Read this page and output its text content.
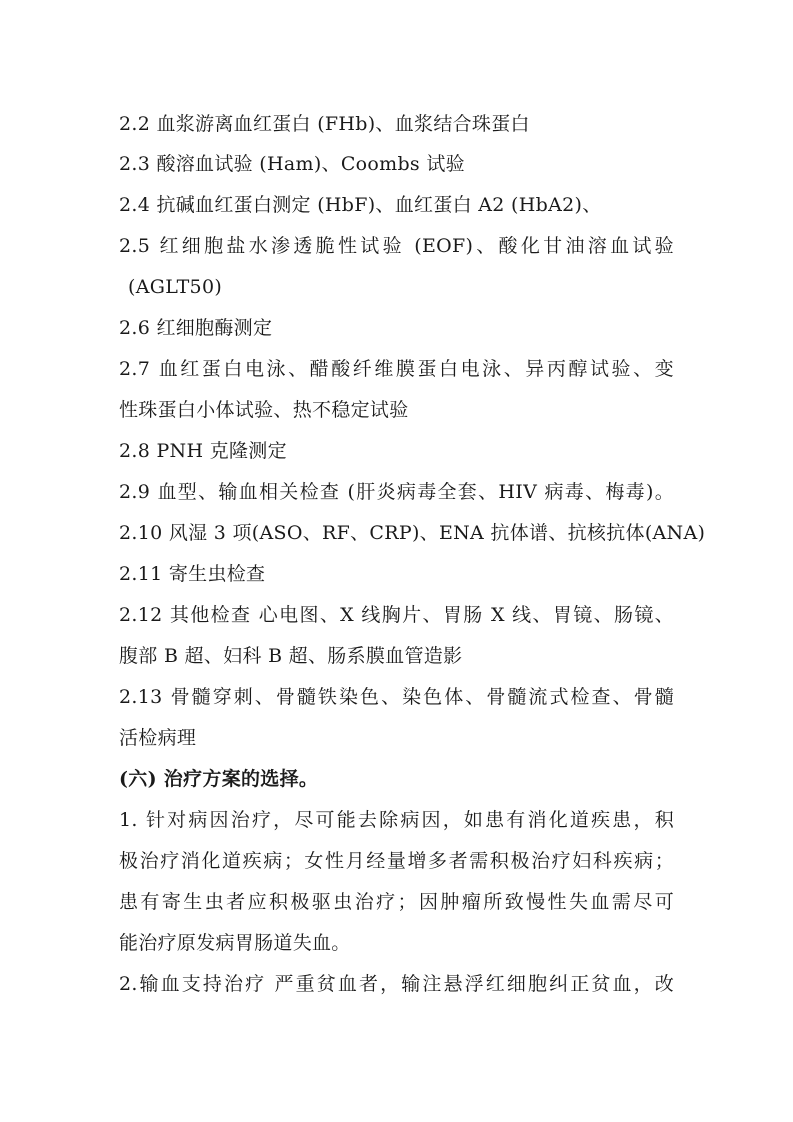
2.2 血浆游离血红蛋白 (FHb)、血浆结合珠蛋白
2.3 酸溶血试验 (Ham)、Coombs 试验
2.4 抗碱血红蛋白测定 (HbF)、血红蛋白 A2 (HbA2)、
2.5 红细胞盐水渗透脆性试验 (EOF)、酸化甘油溶血试验
(AGLT50)
2.6 红细胞酶测定
2.7 血红蛋白电泳、醋酸纤维膜蛋白电泳、异丙醇试验、变
性珠蛋白小体试验、热不稳定试验
2.8 PNH 克隆测定
2.9 血型、输血相关检查 (肝炎病毒全套、HIV 病毒、梅毒)。
2.10 风湿 3 项(ASO、RF、CRP)、ENA 抗体谱、抗核抗体(ANA)
2.11 寄生虫检查
2.12 其他检查 心电图、X 线胸片、胃肠 X 线、胃镜、肠镜、
腹部 B 超、妇科 B 超、肠系膜血管造影
2.13 骨髓穿刺、骨髓铁染色、染色体、骨髓流式检查、骨髓
活检病理
(六) 治疗方案的选择。
1. 针对病因治疗，尽可能去除病因，如患有消化道疾患，积
极治疗消化道疾病；女性月经量增多者需积极治疗妇科疾病；
患有寄生虫者应积极驱虫治疗；因肿瘤所致慢性失血需尽可
能治疗原发病胃肠道失血。
2.输血支持治疗 严重贫血者，输注悬浮红细胞纠正贫血，改
